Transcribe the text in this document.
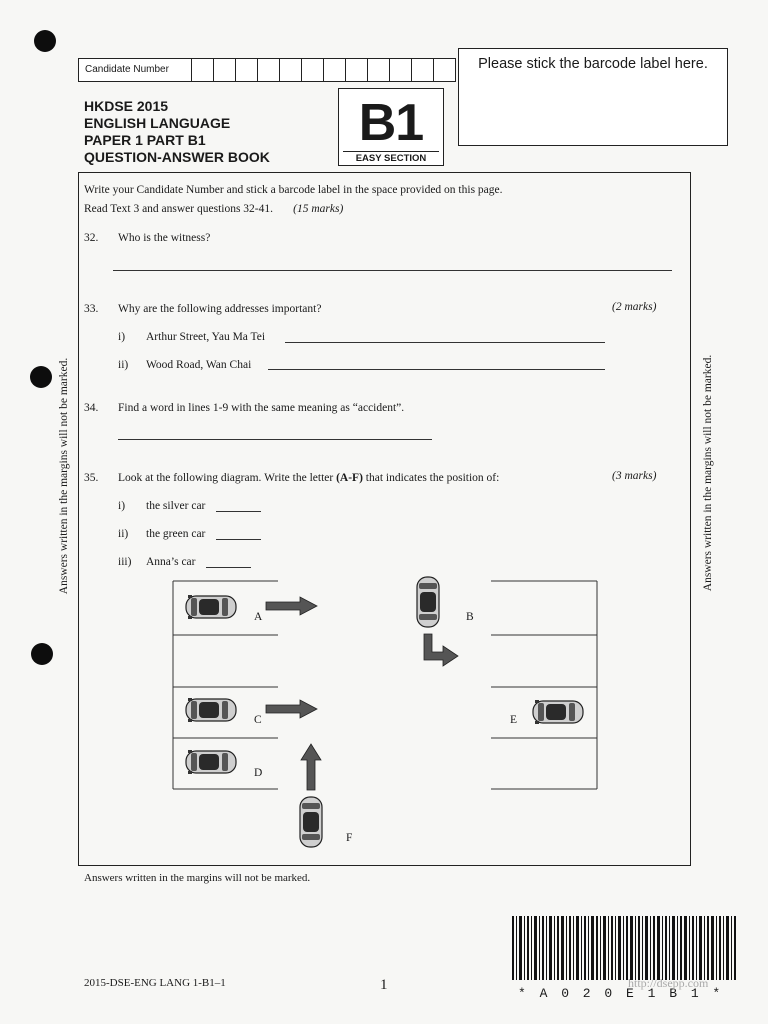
Candidate Number	Please stick the barcode label here.
HKDSE 2015
ENGLISH LANGUAGE
PAPER 1 PART B1
QUESTION-ANSWER BOOK
B1
EASY SECTION
Write your Candidate Number and stick a barcode label in the space provided on this page.
Read Text 3 and answer questions 32-41. (15 marks)
32. Who is the witness?
33. Why are the following addresses important?	(2 marks)
i) Arthur Street, Yau Ma Tei
ii) Wood Road, Wan Chai
34. Find a word in lines 1-9 with the same meaning as “accident”.
35. Look at the following diagram. Write the letter (A-F) that indicates the position of:	(3 marks)
i) the silver car
ii) the green car
iii) Anna’s car
A	B
C
D
E
F
Answers written in the margins will not be marked.	Answers written in the margins will not be marked.
Answers written in the margins will not be marked.
2015-DSE-ENG LANG 1-B1–1	1
* A 0 2 0 E 1 B 1 *
http://dsepp.com
